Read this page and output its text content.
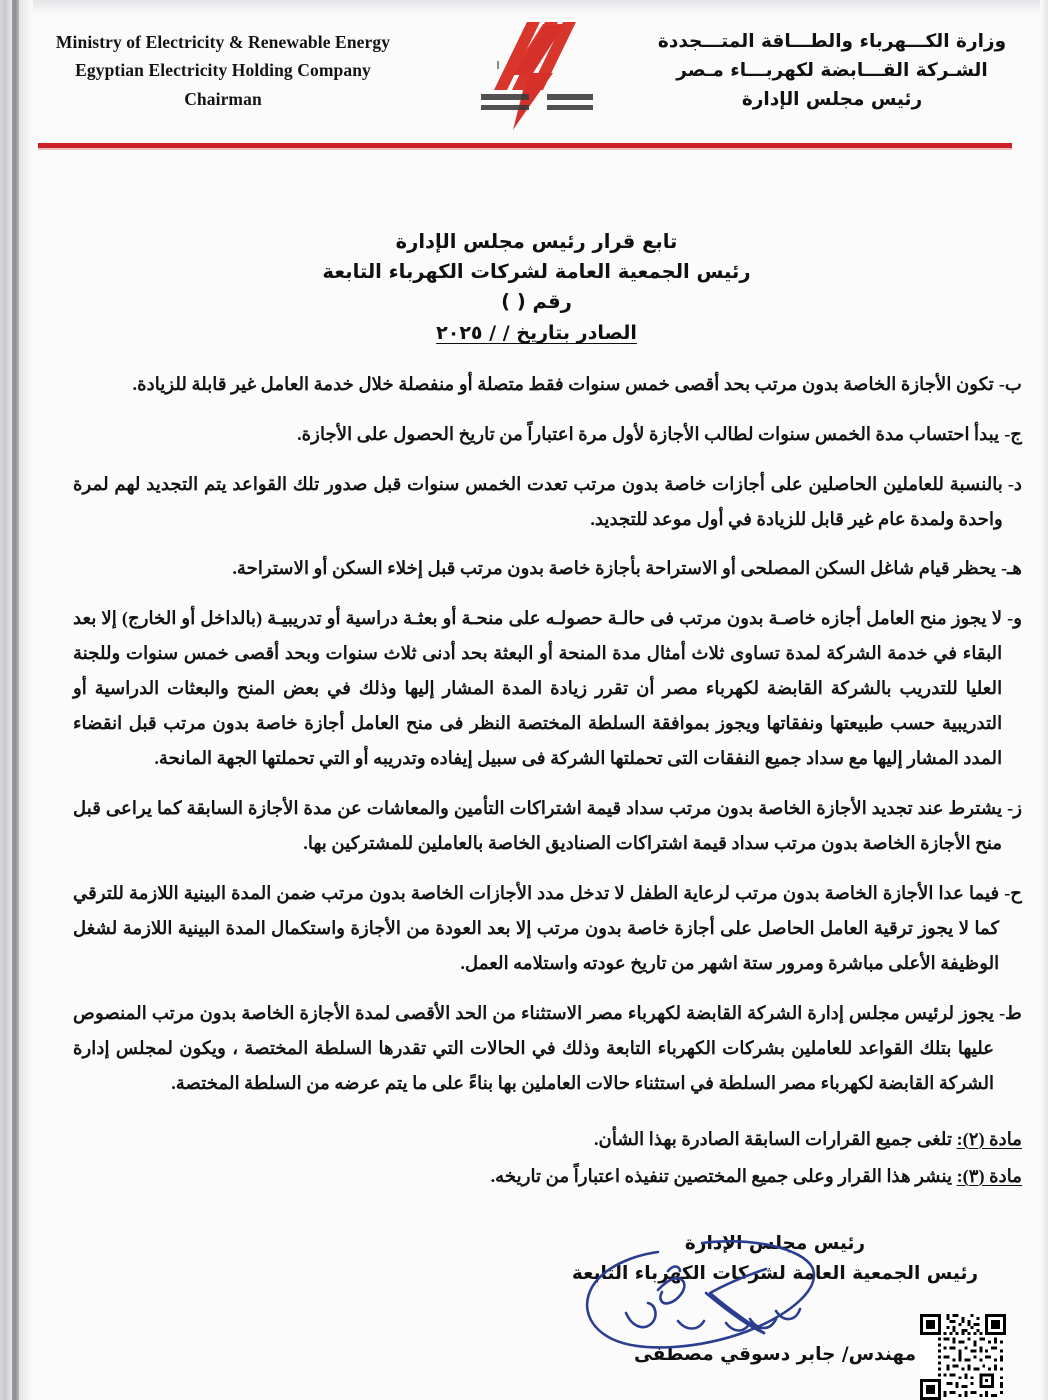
Ministry of Electricity & Renewable Energy
Egyptian Electricity Holding Company
Chairman
وزارة الكـــهرباء والطـــاقة المتـــجددة
الشـركة القـــابضة لكهربـــاء مـصر
رئيس مجلس الإدارة
تابع قرار رئيس مجلس الإدارة
رئيس الجمعية العامة لشركات الكهرباء التابعة
رقم ( )
الصادر بتاريخ / / ٢٠٢٥
ب-
تكون الأجازة الخاصة بدون مرتب بحد أقصى خمس سنوات فقط متصلة أو منفصلة خلال خدمة العامل غير قابلة للزيادة.
ج-
يبدأ احتساب مدة الخمس سنوات لطالب الأجازة لأول مرة اعتباراً من تاريخ الحصول على الأجازة.
د-
بالنسبة للعاملين الحاصلين على أجازات خاصة بدون مرتب تعدت الخمس سنوات قبل صدور تلك القواعد يتم التجديد لهم لمرة واحدة ولمدة عام غير قابل للزيادة في أول موعد للتجديد.
هـ-
يحظر قيام شاغل السكن المصلحى أو الاستراحة بأجازة خاصة بدون مرتب قبل إخلاء السكن أو الاستراحة.
و-
لا يجوز منح العامل أجازه خاصـة بدون مرتب فى حالـة حصولـه على منحـة أو بعثـة دراسية أو تدريبيـة (بالداخل أو الخارج) إلا بعد البقاء في خدمة الشركة لمدة تساوى ثلاث أمثال مدة المنحة أو البعثة بحد أدنى ثلاث سنوات وبحد أقصى خمس سنوات وللجنة العليا للتدريب بالشركة القابضة لكهرباء مصر أن تقرر زيادة المدة المشار إليها وذلك في بعض المنح والبعثات الدراسية أو التدريبية حسب طبيعتها ونفقاتها ويجوز بموافقة السلطة المختصة النظر فى منح العامل أجازة خاصة بدون مرتب قبل انقضاء المدد المشار إليها مع سداد جميع النفقات التى تحملتها الشركة فى سبيل إيفاده وتدريبه أو التي تحملتها الجهة المانحة.
ز-
يشترط عند تجديد الأجازة الخاصة بدون مرتب سداد قيمة اشتراكات التأمين والمعاشات عن مدة الأجازة السابقة كما يراعى قبل منح الأجازة الخاصة بدون مرتب سداد قيمة اشتراكات الصناديق الخاصة بالعاملين للمشتركين بها.
ح-
فيما عدا الأجازة الخاصة بدون مرتب لرعاية الطفل لا تدخل مدد الأجازات الخاصة بدون مرتب ضمن المدة البينية اللازمة للترقي كما لا يجوز ترقية العامل الحاصل على أجازة خاصة بدون مرتب إلا بعد العودة من الأجازة واستكمال المدة البينية اللازمة لشغل الوظيفة الأعلى مباشرة ومرور ستة اشهر من تاريخ عودته واستلامه العمل.
ط-
يجوز لرئيس مجلس إدارة الشركة القابضة لكهرباء مصر الاستثناء من الحد الأقصى لمدة الأجازة الخاصة بدون مرتب المنصوص عليها بتلك القواعد للعاملين بشركات الكهرباء التابعة وذلك في الحالات التي تقدرها السلطة المختصة ، ويكون لمجلس إدارة الشركة القابضة لكهرباء مصر السلطة في استثناء حالات العاملين بها بناءً على ما يتم عرضه من السلطة المختصة.
مادة (٢): تلغى جميع القرارات السابقة الصادرة بهذا الشأن.
مادة (٣): ينشر هذا القرار وعلى جميع المختصين تنفيذه اعتباراً من تاريخه.
رئيس مجلس الإدارة
رئيس الجمعية العامة لشركات الكهرباء التابعة
مهندس/ جابر دسوقي مصطفى
